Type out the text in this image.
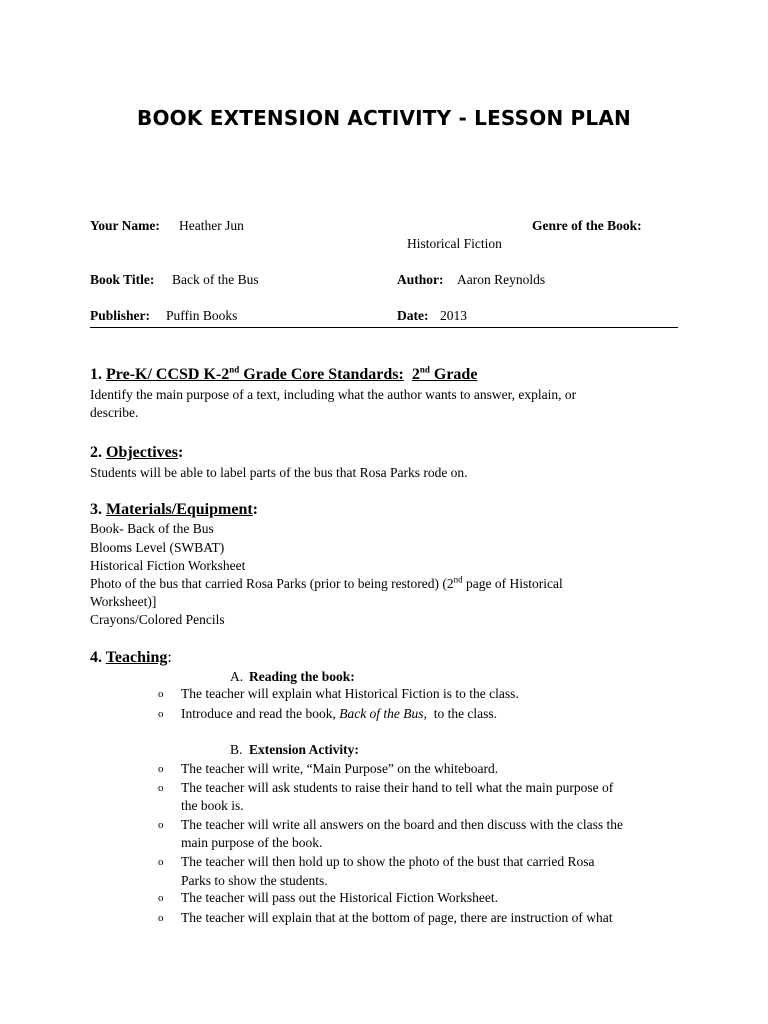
BOOK EXTENSION ACTIVITY - LESSON PLAN
Your Name: Heather Jun	Genre of the Book:
Historical Fiction
Book Title: Back of the Bus	Author: Aaron Reynolds
Publisher: Puffin Books	Date: 2013
1. Pre-K/ CCSD K-2nd Grade Core Standards: 2nd Grade
Identify the main purpose of a text, including what the author wants to answer, explain, or
describe.
2. Objectives:
Students will be able to label parts of the bus that Rosa Parks rode on.
3. Materials/Equipment:
Book- Back of the Bus
Blooms Level (SWBAT)
Historical Fiction Worksheet
Photo of the bus that carried Rosa Parks (prior to being restored) (2nd page of Historical
Worksheet)]
Crayons/Colored Pencils
4. Teaching:
A. Reading the book:
o The teacher will explain what Historical Fiction is to the class.
o Introduce and read the book, Back of the Bus, to the class.
B. Extension Activity:
o The teacher will write, “Main Purpose” on the whiteboard.
o The teacher will ask students to raise their hand to tell what the main purpose of
the book is.
o The teacher will write all answers on the board and then discuss with the class the
main purpose of the book.
o The teacher will then hold up to show the photo of the bust that carried Rosa
Parks to show the students.
o The teacher will pass out the Historical Fiction Worksheet.
o The teacher will explain that at the bottom of page, there are instruction of what
